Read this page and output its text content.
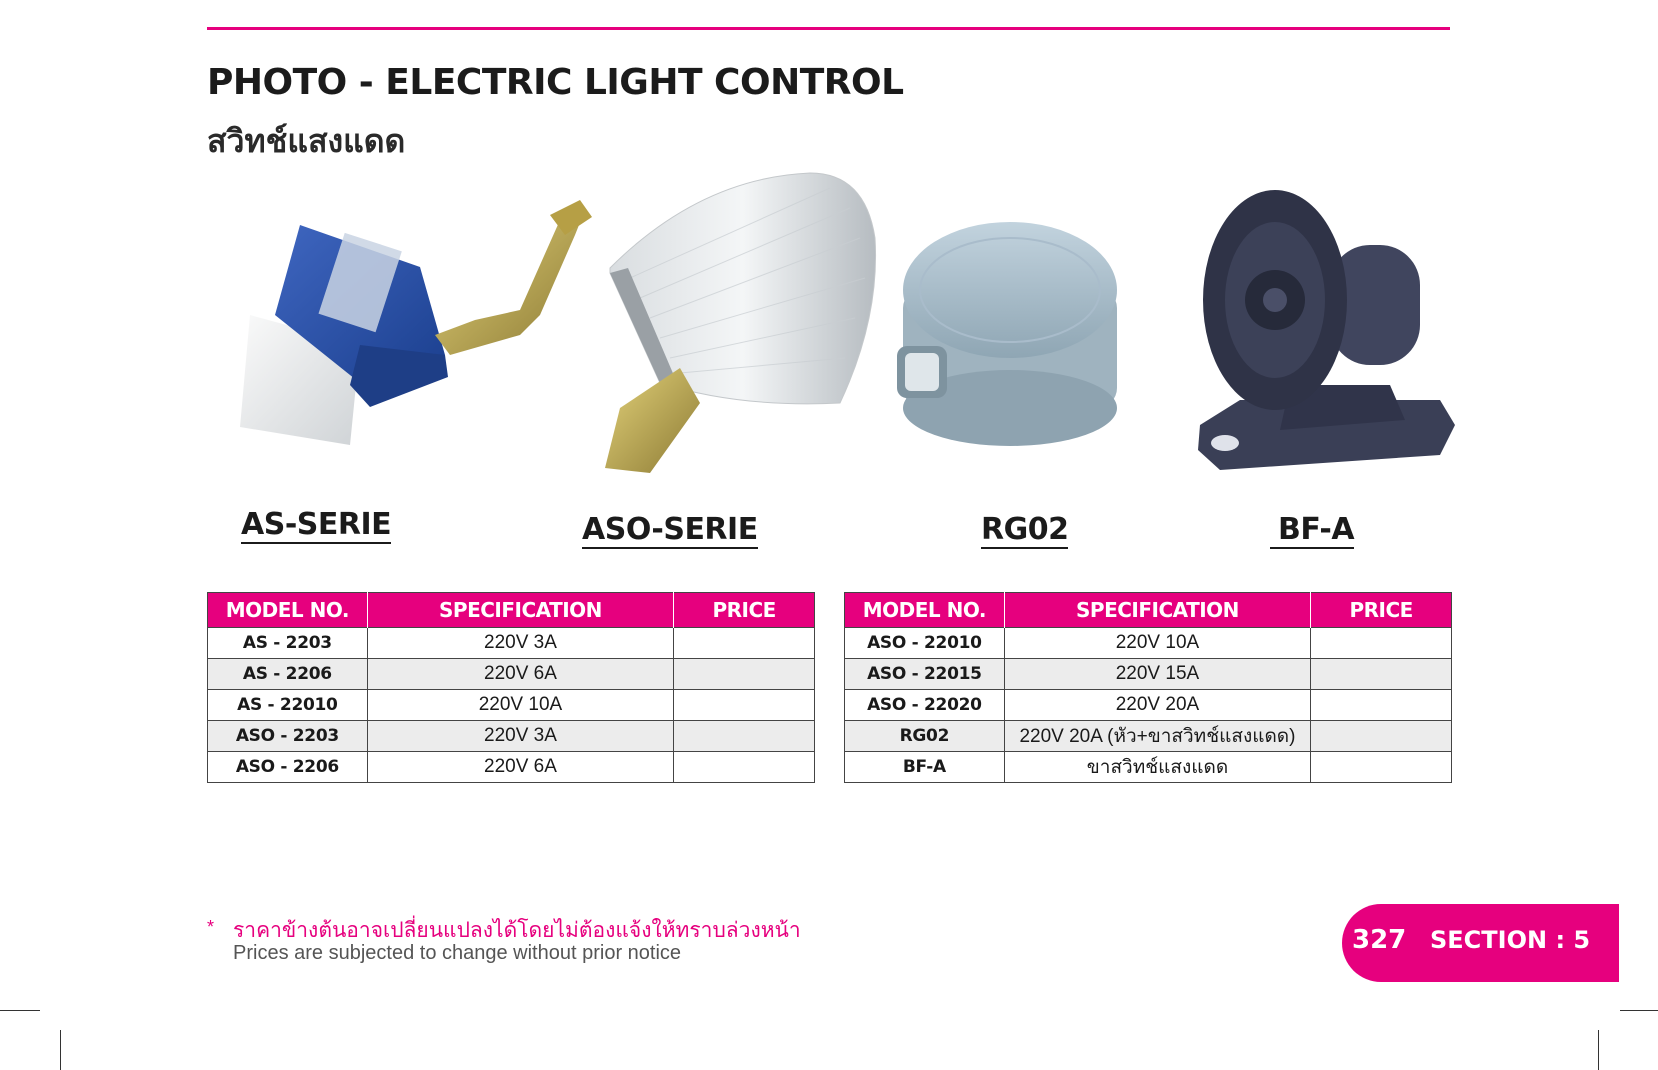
PHOTO - ELECTRIC LIGHT CONTROL
สวิทช์แสงแดด
AS-SERIE	ASO-SERIE	RG02	BF-A
MODEL NO.	SPECIFICATION	PRICE
AS - 2203	220V 3A	
AS - 2206	220V 6A	
AS - 22010	220V 10A	
ASO - 2203	220V 3A	
ASO - 2206	220V 6A	
MODEL NO.	SPECIFICATION	PRICE
ASO - 22010	220V 10A	
ASO - 22015	220V 15A	
ASO - 22020	220V 20A	
RG02	220V 20A (หัว+ขาสวิทช์แสงแดด)	
BF-A	ขาสวิทช์แสงแดด	
* ราคาข้างต้นอาจเปลี่ยนแปลงได้โดยไม่ต้องแจ้งให้ทราบล่วงหน้า
Prices are subjected to change without prior notice	327 SECTION : 5
